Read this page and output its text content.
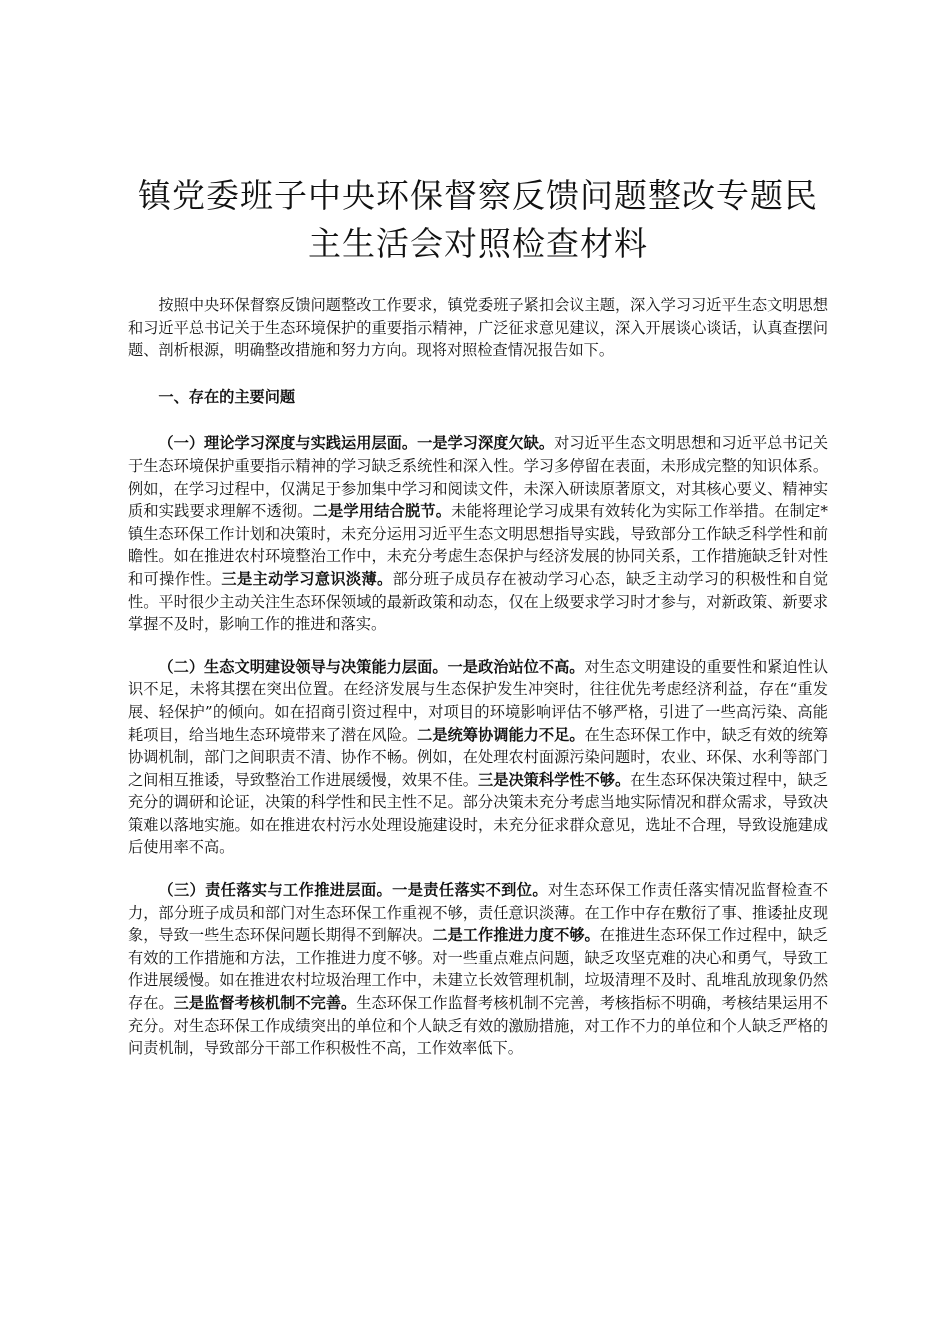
镇党委班子中央环保督察反馈问题整改专题民
主生活会对照检查材料

按照中央环保督察反馈问题整改工作要求，镇党委班子紧扣会议主题，深入学习习近平生态文明思想和习近平总书记关于生态环境保护的重要指示精神，广泛征求意见建议，深入开展谈心谈话，认真查摆问题、剖析根源，明确整改措施和努力方向。现将对照检查情况报告如下。

一、存在的主要问题

（一）理论学习深度与实践运用层面。一是学习深度欠缺。对习近平生态文明思想和习近平总书记关于生态环境保护重要指示精神的学习缺乏系统性和深入性。学习多停留在表面，未形成完整的知识体系。例如，在学习过程中，仅满足于参加集中学习和阅读文件，未深入研读原著原文，对其核心要义、精神实质和实践要求理解不透彻。二是学用结合脱节。未能将理论学习成果有效转化为实际工作举措。在制定*镇生态环保工作计划和决策时，未充分运用习近平生态文明思想指导实践，导致部分工作缺乏科学性和前瞻性。如在推进农村环境整治工作中，未充分考虑生态保护与经济发展的协同关系，工作措施缺乏针对性和可操作性。三是主动学习意识淡薄。部分班子成员存在被动学习心态，缺乏主动学习的积极性和自觉性。平时很少主动关注生态环保领域的最新政策和动态，仅在上级要求学习时才参与，对新政策、新要求掌握不及时，影响工作的推进和落实。

（二）生态文明建设领导与决策能力层面。一是政治站位不高。对生态文明建设的重要性和紧迫性认识不足，未将其摆在突出位置。在经济发展与生态保护发生冲突时，往往优先考虑经济利益，存在“重发展、轻保护”的倾向。如在招商引资过程中，对项目的环境影响评估不够严格，引进了一些高污染、高能耗项目，给当地生态环境带来了潜在风险。二是统筹协调能力不足。在生态环保工作中，缺乏有效的统筹协调机制，部门之间职责不清、协作不畅。例如，在处理农村面源污染问题时，农业、环保、水利等部门之间相互推诿，导致整治工作进展缓慢，效果不佳。三是决策科学性不够。在生态环保决策过程中，缺乏充分的调研和论证，决策的科学性和民主性不足。部分决策未充分考虑当地实际情况和群众需求，导致决策难以落地实施。如在推进农村污水处理设施建设时，未充分征求群众意见，选址不合理，导致设施建成后使用率不高。

（三）责任落实与工作推进层面。一是责任落实不到位。对生态环保工作责任落实情况监督检查不力，部分班子成员和部门对生态环保工作重视不够，责任意识淡薄。在工作中存在敷衍了事、推诿扯皮现象，导致一些生态环保问题长期得不到解决。二是工作推进力度不够。在推进生态环保工作过程中，缺乏有效的工作措施和方法，工作推进力度不够。对一些重点难点问题，缺乏攻坚克难的决心和勇气，导致工作进展缓慢。如在推进农村垃圾治理工作中，未建立长效管理机制，垃圾清理不及时、乱堆乱放现象仍然存在。三是监督考核机制不完善。生态环保工作监督考核机制不完善，考核指标不明确，考核结果运用不充分。对生态环保工作成绩突出的单位和个人缺乏有效的激励措施，对工作不力的单位和个人缺乏严格的问责机制，导致部分干部工作积极性不高，工作效率低下。
